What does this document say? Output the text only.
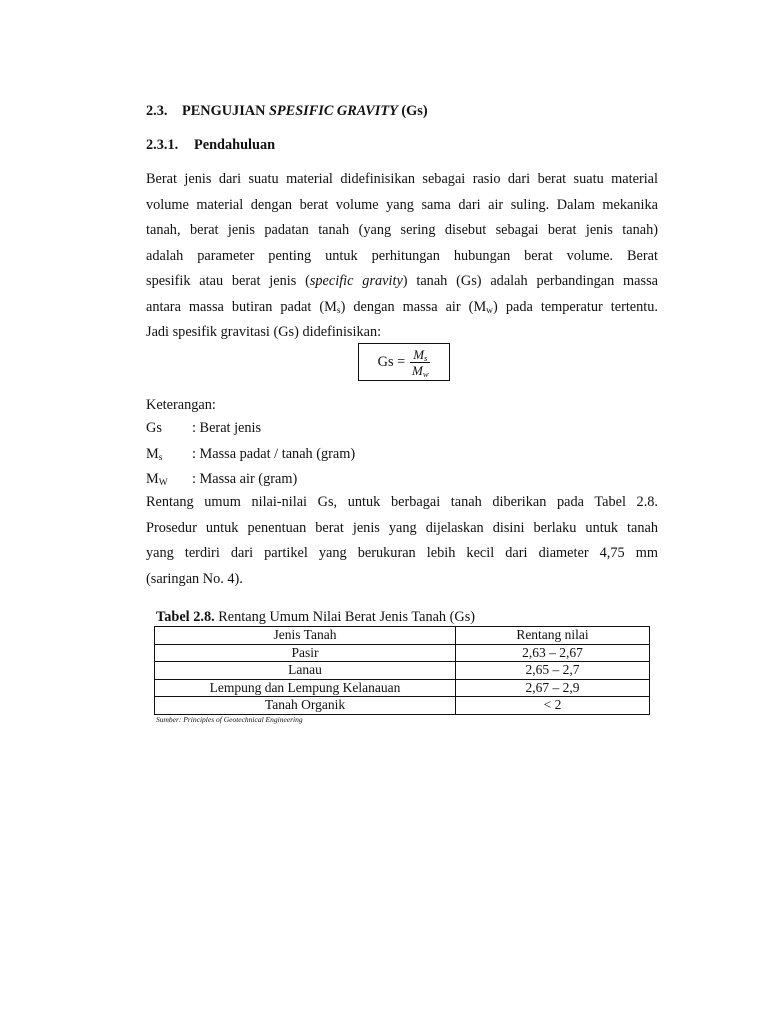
2.3. PENGUJIAN SPESIFIC GRAVITY (Gs)
2.3.1. Pendahuluan
Berat jenis dari suatu material didefinisikan sebagai rasio dari berat suatu material
volume material dengan berat volume yang sama dari air suling. Dalam mekanika
tanah, berat jenis padatan tanah (yang sering disebut sebagai berat jenis tanah)
adalah parameter penting untuk perhitungan hubungan berat volume. Berat
spesifik atau berat jenis (specific gravity) tanah (Gs) adalah perbandingan massa
antara massa butiran padat $(M_s)$ dengan massa air $(M_w)$ pada temperatur tertentu.
Jadi spesifik gravitasi (Gs) didefinisikan:
$Gs = \frac{M_s}{M_w}$
Keterangan:
Gs : Berat jenis
$M_s$ : Massa padat / tanah (gram)
$M_W$ : Massa air (gram)
Rentang umum nilai-nilai Gs, untuk berbagai tanah diberikan pada Tabel 2.8.
Prosedur untuk penentuan berat jenis yang dijelaskan disini berlaku untuk tanah
yang terdiri dari partikel yang berukuran lebih kecil dari diameter 4,75 mm
(saringan No. 4).
Tabel 2.8. Rentang Umum Nilai Berat Jenis Tanah (Gs)
Jenis Tanah	Rentang nilai
Pasir	2,63 – 2,67
Lanau	2,65 – 2,7
Lempung dan Lempung Kelanauan	2,67 – 2,9
Tanah Organik	< 2
Sumber: Principles of Geotechnical Engineering
